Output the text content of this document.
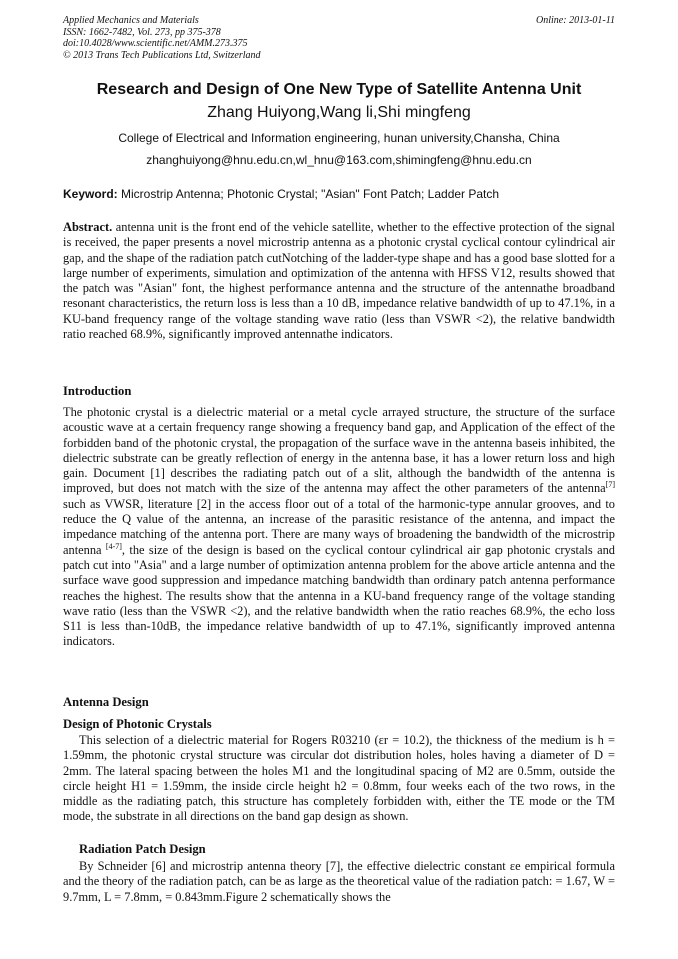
Applied Mechanics and Materials
ISSN: 1662-7482, Vol. 273, pp 375-378
doi:10.4028/www.scientific.net/AMM.273.375
© 2013 Trans Tech Publications Ltd, Switzerland
Online: 2013-01-11
Research and Design of One New Type of Satellite Antenna Unit
Zhang Huiyong,Wang li,Shi mingfeng
College of Electrical and Information engineering, hunan university,Chansha, China
zhanghuiyong@hnu.edu.cn,wl_hnu@163.com,shimingfeng@hnu.edu.cn
Keyword: Microstrip Antenna; Photonic Crystal; "Asian" Font Patch; Ladder Patch
Abstract. antenna unit is the front end of the vehicle satellite, whether to the effective protection of the signal is received, the paper presents a novel microstrip antenna as a photonic crystal cyclical contour cylindrical air gap, and the shape of the radiation patch cutNotching of the ladder-type shape and has a good base slotted for a large number of experiments, simulation and optimization of the antenna with HFSS V12, results showed that the patch was "Asian" font, the highest performance antenna and the structure of the antennathe broadband resonant characteristics, the return loss is less than a 10 dB, impedance relative bandwidth of up to 47.1%, in a KU-band frequency range of the voltage standing wave ratio (less than VSWR <2), the relative bandwidth ratio reached 68.9%, significantly improved antennathe indicators.
Introduction
The photonic crystal is a dielectric material or a metal cycle arrayed structure, the structure of the surface acoustic wave at a certain frequency range showing a frequency band gap, and Application of the effect of the forbidden band of the photonic crystal, the propagation of the surface wave in the antenna baseis inhibited, the dielectric substrate can be greatly reflection of energy in the antenna base, it has a lower return loss and high gain. Document [1] describes the radiating patch out of a slit, although the bandwidth of the antenna is improved, but does not match with the size of the antenna may affect the other parameters of the antenna[7] such as VWSR, literature [2] in the access floor out of a total of the harmonic-type annular grooves, and to reduce the Q value of the antenna, an increase of the parasitic resistance of the antenna, and impact the impedance matching of the antenna port. There are many ways of broadening the bandwidth of the microstrip antenna [4-7], the size of the design is based on the cyclical contour cylindrical air gap photonic crystals and patch cut into "Asia" and a large number of optimization antenna problem for the above article antenna and the surface wave good suppression and impedance matching bandwidth than ordinary patch antenna performance reaches the highest. The results show that the antenna in a KU-band frequency range of the voltage standing wave ratio (less than the VSWR <2), and the relative bandwidth when the ratio reaches 68.9%, the echo loss S11 is less than-10dB, the impedance relative bandwidth of up to 47.1%, significantly improved antenna indicators.
Antenna Design
Design of Photonic Crystals
This selection of a dielectric material for Rogers R03210 (εr = 10.2), the thickness of the medium is h = 1.59mm, the photonic crystal structure was circular dot distribution holes, holes having a diameter of D = 2mm. The lateral spacing between the holes M1 and the longitudinal spacing of M2 are 0.5mm, outside the circle height H1 = 1.59mm, the inside circle height h2 = 0.8mm, four weeks each of the two rows, in the middle as the radiating patch, this structure has completely forbidden with, either the TE mode or the TM mode, the substrate in all directions on the band gap design as shown.
Radiation Patch Design
By Schneider [6] and microstrip antenna theory [7], the effective dielectric constant εe empirical formula and the theory of the radiation patch, can be as large as the theoretical value of the radiation patch: = 1.67, W = 9.7mm, L = 7.8mm, = 0.843mm.Figure 2 schematically shows the
